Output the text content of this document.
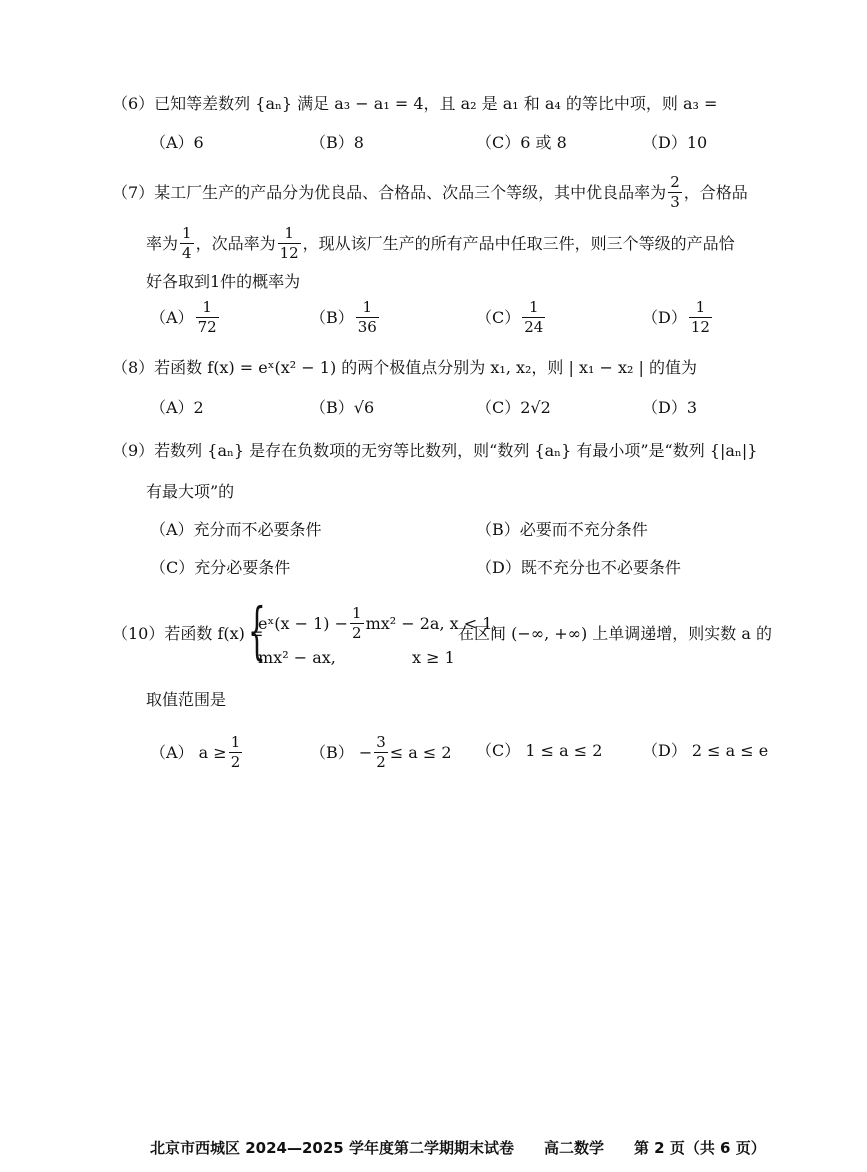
（6）已知等差数列 {aₙ} 满足 a₃ − a₁ = 4，且 a₂ 是 a₁ 和 a₄ 的等比中项，则 a₃ =
（A）6	（B）8	（C）6 或 8	（D）10
（7）某工厂生产的产品分为优良品、合格品、次品三个等级，其中优良品率为 $\frac{2}{3}$ ，合格品
率为 $\frac{1}{4}$ ，次品率为 $\frac{1}{12}$ ，现从该厂生产的所有产品中任取三件，则三个等级的产品恰
好各取到1件的概率为
$(A) \frac{1}{72}$	$(B) \frac{1}{36}$	$(C) \frac{1}{24}$	$(D) \frac{1}{12}$
（8）若函数 f(x) = eˣ(x² − 1) 的两个极值点分别为 x₁, x₂，则 | x₁ − x₂ | 的值为
（A）2	（B）√6	（C）2√2	（D）3
（9）若数列 {aₙ} 是存在负数项的无穷等比数列，则“数列 {aₙ} 有最小项”是“数列 {|aₙ|}
有最大项”的
（A）充分而不必要条件	（B）必要而不充分条件
（C）充分必要条件	（D）既不充分也不必要条件
（10）若函数 f(x) =
{
eˣ(x − $1) - \frac{1}{2} mx^2 - 2a$, x < 1,
mx² − ax,	x ≥ 1
在区间 (−∞, +∞) 上单调递增，则实数 a 的
取值范围是
（A） $a \ge \frac{1}{2}$	$(B) - \frac{3}{2} \le a \le 2$ （C） 1 ≤ a ≤ 2 （D） 2 ≤ a ≤ e
北京市西城区 2024—2025 学年度第二学期期末试卷　　高二数学　　第 2 页（共 6 页）
